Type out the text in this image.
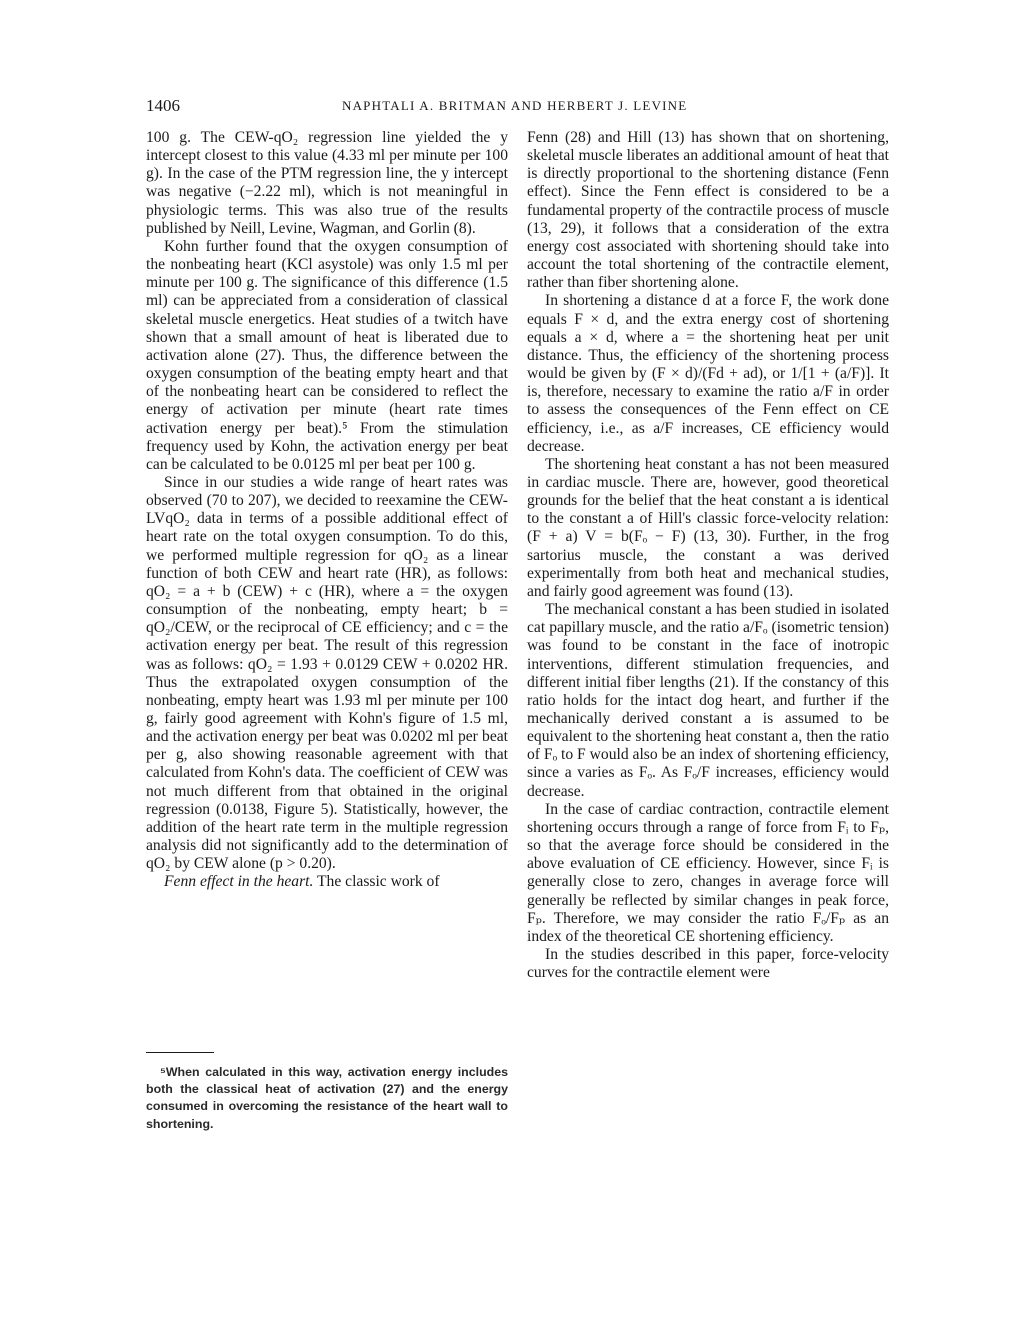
1406	NAPHTALI A. BRITMAN AND HERBERT J. LEVINE

100 g. The CEW-qO₂ regression line yielded the y intercept closest to this value (4.33 ml per minute per 100 g). In the case of the PTM regression line, the y intercept was negative (−2.22 ml), which is not meaningful in physiologic terms. This was also true of the results published by Neill, Levine, Wagman, and Gorlin (8).

Kohn further found that the oxygen consumption of the nonbeating heart (KCl asystole) was only 1.5 ml per minute per 100 g. The significance of this difference (1.5 ml) can be appreciated from a consideration of classical skeletal muscle energetics. Heat studies of a twitch have shown that a small amount of heat is liberated due to activation alone (27). Thus, the difference between the oxygen consumption of the beating empty heart and that of the nonbeating heart can be considered to reflect the energy of activation per minute (heart rate times activation energy per beat).⁵ From the stimulation frequency used by Kohn, the activation energy per beat can be calculated to be 0.0125 ml per beat per 100 g.

Since in our studies a wide range of heart rates was observed (70 to 207), we decided to reexamine the CEW-LVqO₂ data in terms of a possible additional effect of heart rate on the total oxygen consumption. To do this, we performed multiple regression for qO₂ as a linear function of both CEW and heart rate (HR), as follows: qO₂ = a + b (CEW) + c (HR), where a = the oxygen consumption of the nonbeating, empty heart; b = qO₂/CEW, or the reciprocal of CE efficiency; and c = the activation energy per beat. The result of this regression was as follows: qO₂ = 1.93 + 0.0129 CEW + 0.0202 HR. Thus the extrapolated oxygen consumption of the nonbeating, empty heart was 1.93 ml per minute per 100 g, fairly good agreement with Kohn's figure of 1.5 ml, and the activation energy per beat was 0.0202 ml per beat per g, also showing reasonable agreement with that calculated from Kohn's data. The coefficient of CEW was not much different from that obtained in the original regression (0.0138, Figure 5). Statistically, however, the addition of the heart rate term in the multiple regression analysis did not significantly add to the determination of qO₂ by CEW alone (p > 0.20).

Fenn effect in the heart. The classic work of

Fenn (28) and Hill (13) has shown that on shortening, skeletal muscle liberates an additional amount of heat that is directly proportional to the shortening distance (Fenn effect). Since the Fenn effect is considered to be a fundamental property of the contractile process of muscle (13, 29), it follows that a consideration of the extra energy cost associated with shortening should take into account the total shortening of the contractile element, rather than fiber shortening alone.

In shortening a distance d at a force F, the work done equals F × d, and the extra energy cost of shortening equals a × d, where a = the shortening heat per unit distance. Thus, the efficiency of the shortening process would be given by (F × d)/(Fd + ad), or 1/[1 + (a/F)]. It is, therefore, necessary to examine the ratio a/F in order to assess the consequences of the Fenn effect on CE efficiency, i.e., as a/F increases, CE efficiency would decrease.

The shortening heat constant a has not been measured in cardiac muscle. There are, however, good theoretical grounds for the belief that the heat constant a is identical to the constant a of Hill's classic force-velocity relation: (F + a) V = b(Fₒ − F) (13, 30). Further, in the frog sartorius muscle, the constant a was derived experimentally from both heat and mechanical studies, and fairly good agreement was found (13).

The mechanical constant a has been studied in isolated cat papillary muscle, and the ratio a/Fₒ (isometric tension) was found to be constant in the face of inotropic interventions, different stimulation frequencies, and different initial fiber lengths (21). If the constancy of this ratio holds for the intact dog heart, and further if the mechanically derived constant a is assumed to be equivalent to the shortening heat constant a, then the ratio of Fₒ to F would also be an index of shortening efficiency, since a varies as Fₒ. As Fₒ/F increases, efficiency would decrease.

In the case of cardiac contraction, contractile element shortening occurs through a range of force from Fᵢ to Fₚ, so that the average force should be considered in the above evaluation of CE efficiency. However, since Fᵢ is generally close to zero, changes in average force will generally be reflected by similar changes in peak force, Fₚ. Therefore, we may consider the ratio Fₒ/Fₚ as an index of the theoretical CE shortening efficiency.

In the studies described in this paper, force-velocity curves for the contractile element were

⁵When calculated in this way, activation energy includes both the classical heat of activation (27) and the energy consumed in overcoming the resistance of the heart wall to shortening.
